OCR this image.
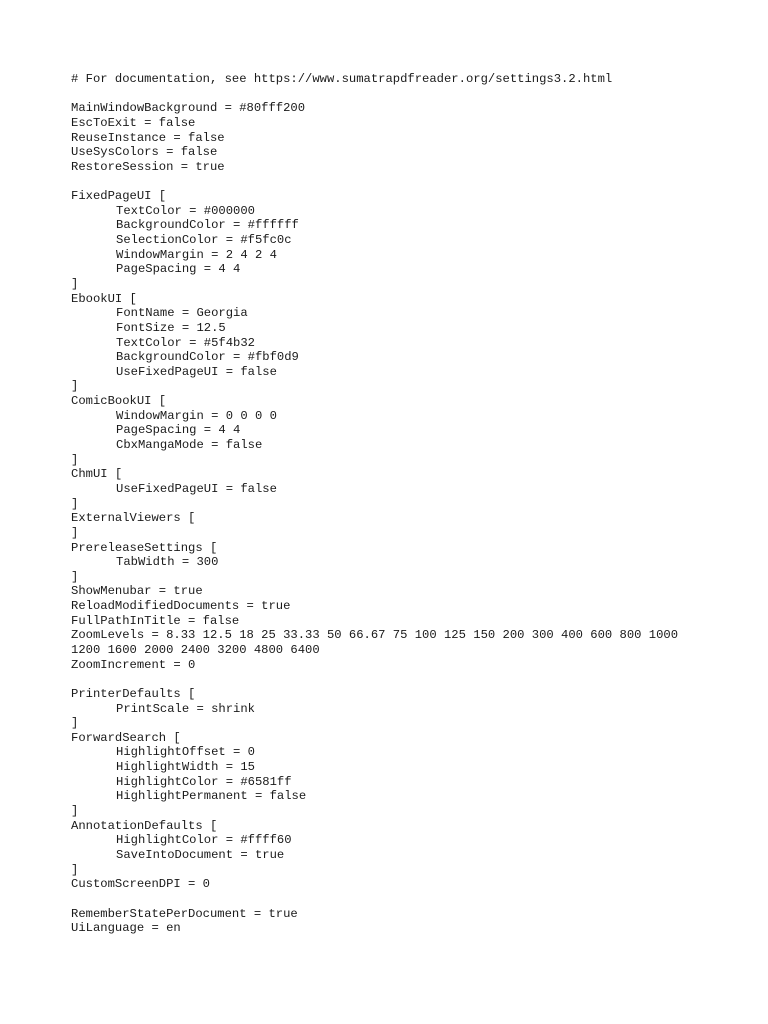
# For documentation, see https://www.sumatrapdfreader.org/settings3.2.html
MainWindowBackground = #80fff200
EscToExit = false
ReuseInstance = false
UseSysColors = false
RestoreSession = true
FixedPageUI [
TextColor = #000000
BackgroundColor = #ffffff
SelectionColor = #f5fc0c
WindowMargin = 2 4 2 4
PageSpacing = 4 4
]
EbookUI [
FontName = Georgia
FontSize = 12.5
TextColor = #5f4b32
BackgroundColor = #fbf0d9
UseFixedPageUI = false
]
ComicBookUI [
WindowMargin = 0 0 0 0
PageSpacing = 4 4
CbxMangaMode = false
]
ChmUI [
UseFixedPageUI = false
]
ExternalViewers [
]
PrereleaseSettings [
TabWidth = 300
]
ShowMenubar = true
ReloadModifiedDocuments = true
FullPathInTitle = false
ZoomLevels = 8.33 12.5 18 25 33.33 50 66.67 75 100 125 150 200 300 400 600 800 1000
1200 1600 2000 2400 3200 4800 6400
ZoomIncrement = 0
PrinterDefaults [
PrintScale = shrink
]
ForwardSearch [
HighlightOffset = 0
HighlightWidth = 15
HighlightColor = #6581ff
HighlightPermanent = false
]
AnnotationDefaults [
HighlightColor = #ffff60
SaveIntoDocument = true
]
CustomScreenDPI = 0
RememberStatePerDocument = true
UiLanguage = en
